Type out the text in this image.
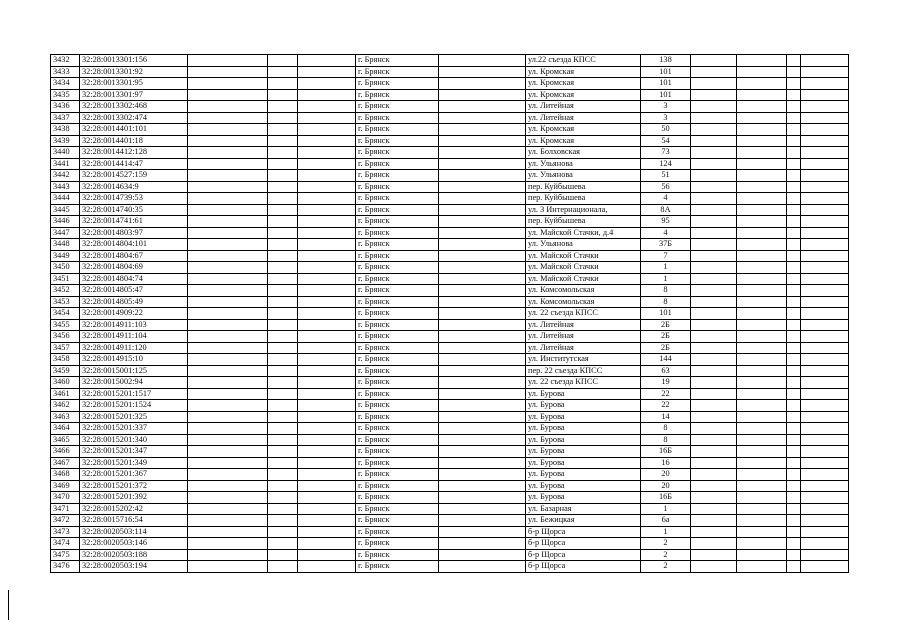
3432	32:28:0013301:156				г. Брянск		ул.22 съезда КПСС	138				
3433	32:28:0013301:92				г. Брянск		ул. Кромская	101				
3434	32:28:0013301:95				г. Брянск		ул. Кромская	101				
3435	32:28:0013301:97				г. Брянск		ул. Кромская	101				
3436	32:28:0013302:468				г. Брянск		ул. Литейная	3				
3437	32:28:0013302:474				г. Брянск		ул. Литейная	3				
3438	32:28:0014401:101				г. Брянск		ул. Кромская	50				
3439	32:28:0014401:18				г. Брянск		ул. Кромская	54				
3440	32:28:0014412:128				г. Брянск		ул. Болховская	73				
3441	32:28:0014414:47				г. Брянск		ул. Ульянова	124				
3442	32:28:0014527:159				г. Брянск		ул. Ульянова	51				
3443	32:28:0014634:9				г. Брянск		пер. Куйбышева	56				
3444	32:28:0014739:53				г. Брянск		пер. Куйбышева	4				
3445	32:28:0014740:35				г. Брянск		ул. 3 Интернационала,	8А				
3446	32:28:0014741:61				г. Брянск		пер. Куйбышева	95				
3447	32:28:0014803:97				г. Брянск		ул. Майской Стачки, д.4	4				
3448	32:28:0014804:101				г. Брянск		ул. Ульянова	37Б				
3449	32:28:0014804:67				г. Брянск		ул. Майской Стачки	7				
3450	32:28:0014804:69				г. Брянск		ул. Майской Стачки	1				
3451	32:28:0014804:74				г. Брянск		ул. Майской Стачки	1				
3452	32:28:0014805:47				г. Брянск		ул. Комсомольская	8				
3453	32:28:0014805:49				г. Брянск		ул. Комсомольская	8				
3454	32:28:0014909:22				г. Брянск		ул. 22 съезда КПСС	101				
3455	32:28:0014911:103				г. Брянск		ул. Литейная	2Б				
3456	32:28:0014911:104				г. Брянск		ул. Литейная	2Б				
3457	32:28:0014911:120				г. Брянск		ул. Литейная	2Б				
3458	32:28:0014915:10				г. Брянск		ул. Институтская	144				
3459	32:28:0015001:125				г. Брянск		пер. 22 съезда КПСС	63				
3460	32:28:0015002:94				г. Брянск		ул. 22 съезда КПСС	19				
3461	32:28:0015201:1517				г. Брянск		ул. Бурова	22				
3462	32:28:0015201:1524				г. Брянск		ул. Бурова	22				
3463	32:28:0015201:325				г. Брянск		ул. Бурова	14				
3464	32:28:0015201:337				г. Брянск		ул. Бурова	8				
3465	32:28:0015201:340				г. Брянск		ул. Бурова	8				
3466	32:28:0015201:347				г. Брянск		ул. Бурова	16Б				
3467	32:28:0015201:349				г. Брянск		ул. Бурова	16				
3468	32:28:0015201:367				г. Брянск		ул. Бурова	20				
3469	32:28:0015201:372				г. Брянск		ул. Бурова	20				
3470	32:28:0015201:392				г. Брянск		ул. Бурова	16Б				
3471	32:28:0015202:42				г. Брянск		ул. Базарная	1				
3472	32:28:0015716:54				г. Брянск		ул. Бежицкая	6а				
3473	32:28:0020503:114				г. Брянск		б-р Щорса	1				
3474	32:28:0020503:146				г. Брянск		б-р Щорса	2				
3475	32:28:0020503:188				г. Брянск		б-р Щорса	2				
3476	32:28:0020503:194				г. Брянск		б-р Щорса	2				
